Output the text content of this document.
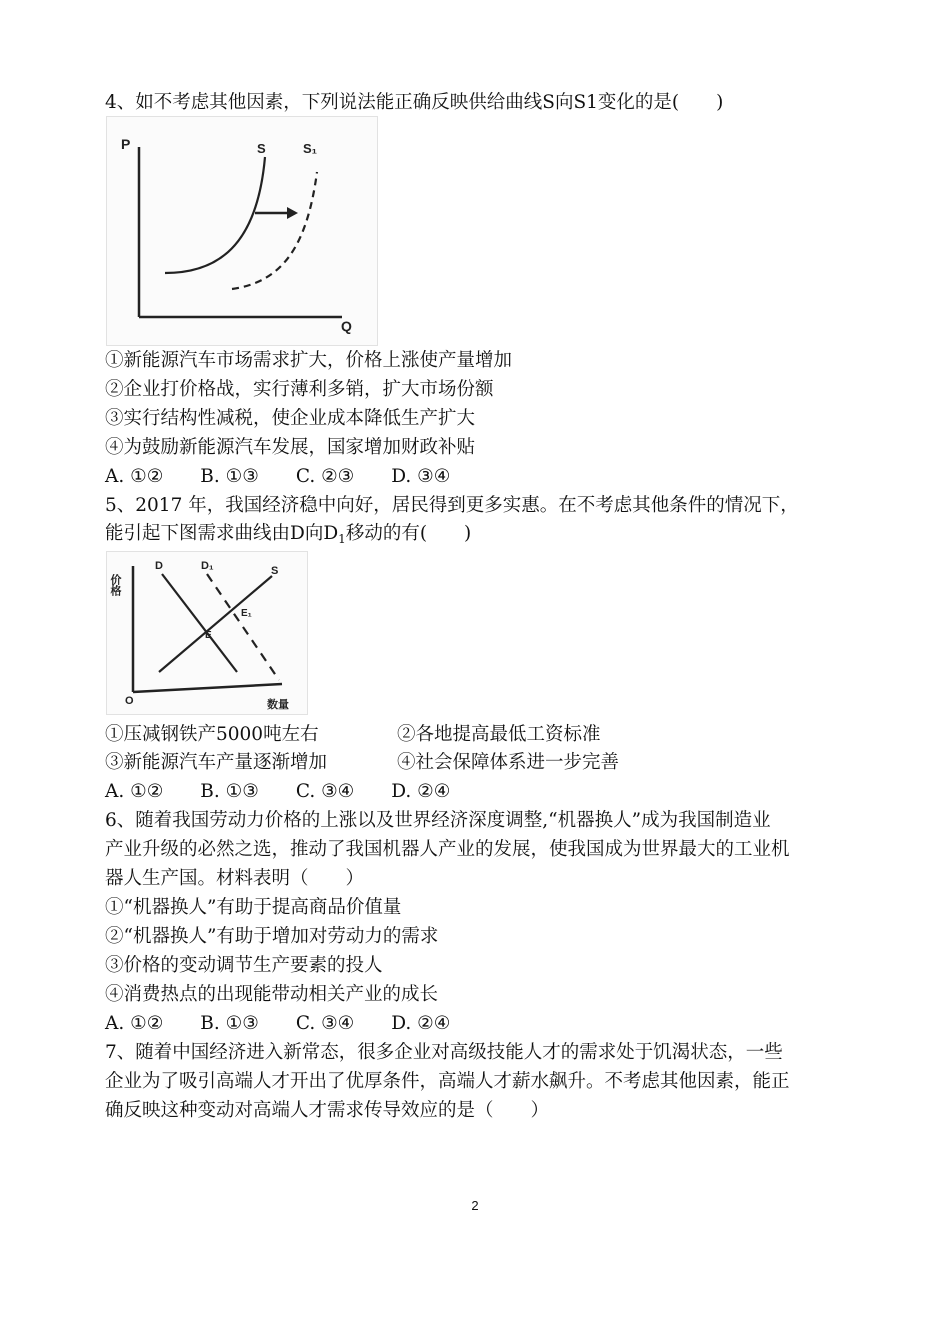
4、如不考虑其他因素，下列说法能正确反映供给曲线S向S1变化的是(　　)
P
Q
S	S₁
①新能源汽车市场需求扩大，价格上涨使产量增加
②企业打价格战，实行薄利多销，扩大市场份额
③实行结构性减税，使企业成本降低生产扩大
④为鼓励新能源汽车发展，国家增加财政补贴
A. ①②　　B. ①③　　C. ②③　　D. ③④
5、2017 年，我国经济稳中向好，居民得到更多实惠。在不考虑其他条件的情况下，
能引起下图需求曲线由D向$D_1$移动的有(　　)
价格
O	数量
D	D₁	S
E
E₁
①压减钢铁产5000吨左右	②各地提高最低工资标准
③新能源汽车产量逐渐增加	④社会保障体系进一步完善
A. ①②　　B. ①③　　C. ③④　　D. ②④
6、随着我国劳动力价格的上涨以及世界经济深度调整,“机器换人”成为我国制造业
产业升级的必然之选，推动了我国机器人产业的发展，使我国成为世界最大的工业机
器人生产国。材料表明（　　）
①“机器换人”有助于提高商品价值量
②“机器换人”有助于增加对劳动力的需求
③价格的变动调节生产要素的投人
④消费热点的出现能带动相关产业的成长
A. ①②　　B. ①③　　C. ③④　　D. ②④
7、随着中国经济进入新常态，很多企业对高级技能人才的需求处于饥渴状态，一些
企业为了吸引高端人才开出了优厚条件，高端人才薪水飙升。不考虑其他因素，能正
确反映这种变动对高端人才需求传导效应的是（　　）
2
